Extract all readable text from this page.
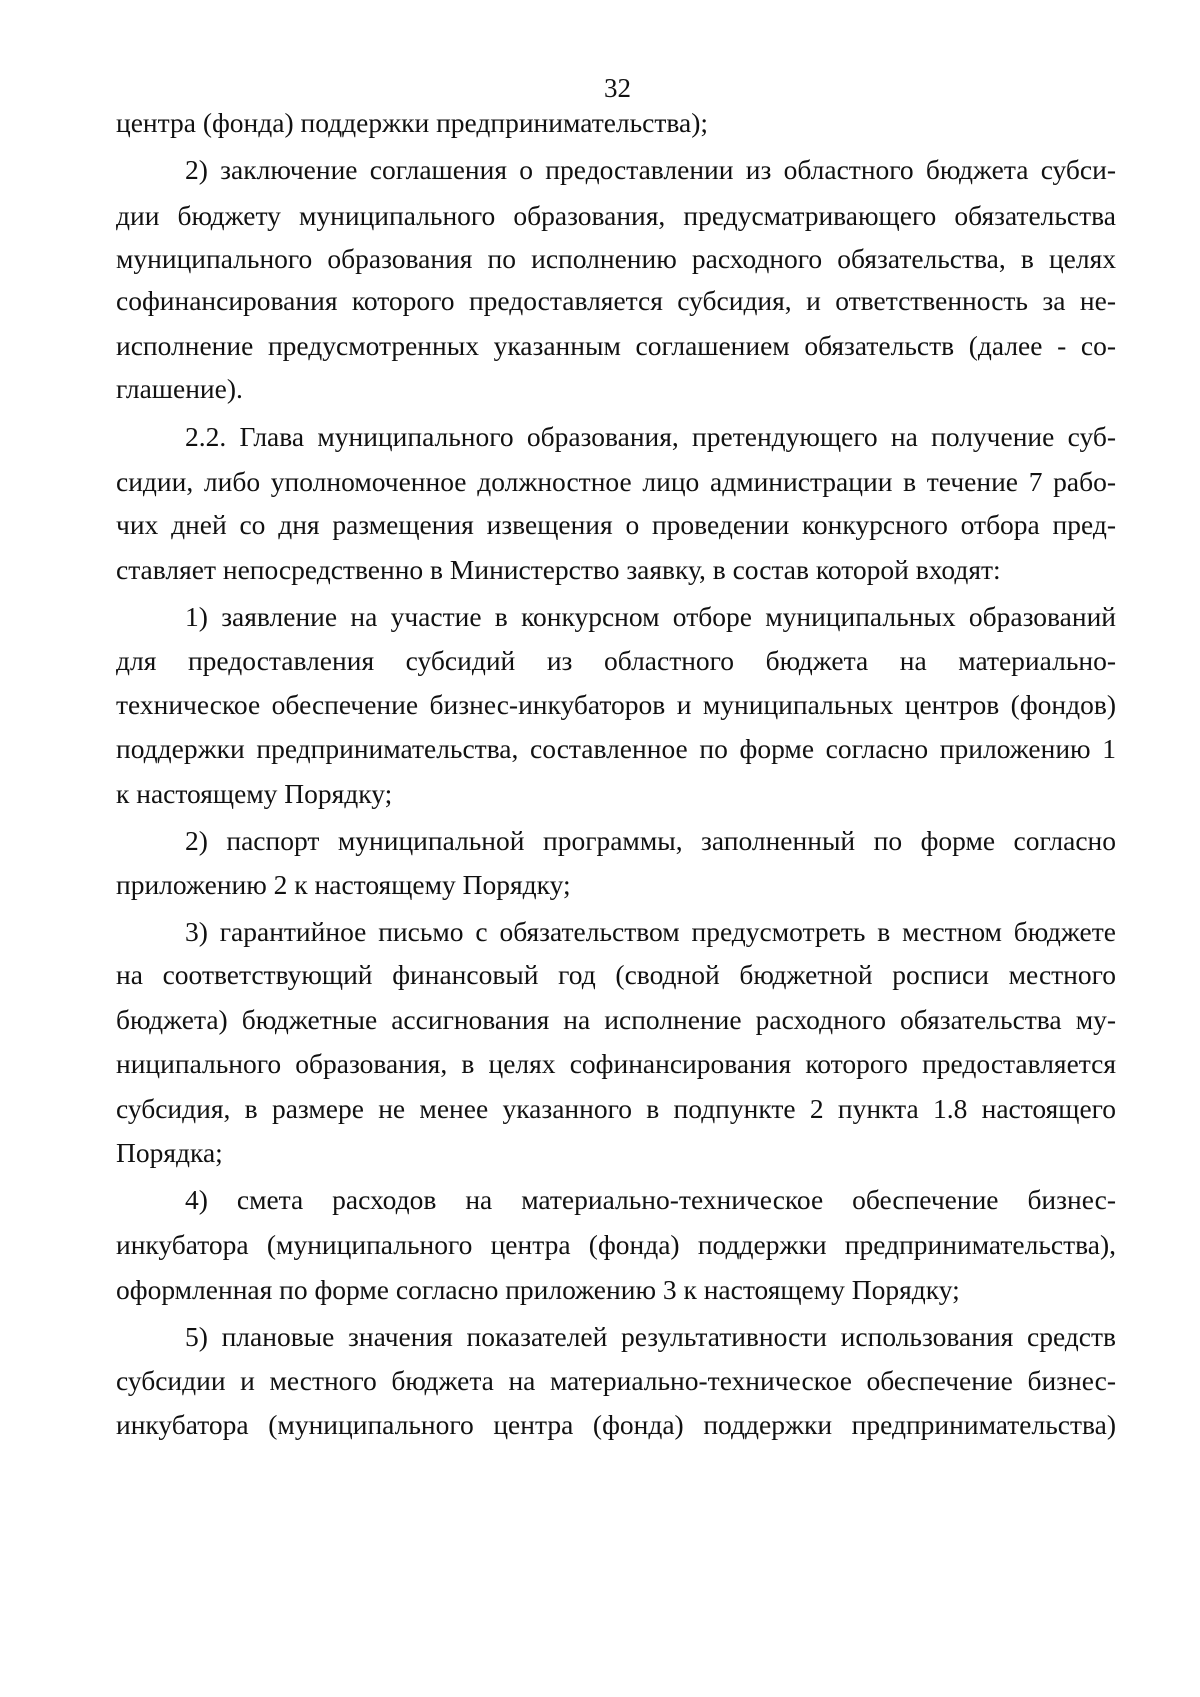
32
центра (фонда) поддержки предпринимательства);
2) заключение соглашения о предоставлении из областного бюджета субси-
дии бюджету муниципального образования, предусматривающего обязательства
муниципального образования по исполнению расходного обязательства, в целях
софинансирования которого предоставляется субсидия, и ответственность за не-
исполнение предусмотренных указанным соглашением обязательств (далее - со-
глашение).
2.2. Глава муниципального образования, претендующего на получение суб-
сидии, либо уполномоченное должностное лицо администрации в течение 7 рабо-
чих дней со дня размещения извещения о проведении конкурсного отбора пред-
ставляет непосредственно в Министерство заявку, в состав которой входят:
1) заявление на участие в конкурсном отборе муниципальных образований
для предоставления субсидий из областного бюджета на материально-
техническое обеспечение бизнес-инкубаторов и муниципальных центров (фондов)
поддержки предпринимательства, составленное по форме согласно приложению 1
к настоящему Порядку;
2) паспорт муниципальной программы, заполненный по форме согласно
приложению 2 к настоящему Порядку;
3) гарантийное письмо с обязательством предусмотреть в местном бюджете
на соответствующий финансовый год (сводной бюджетной росписи местного
бюджета) бюджетные ассигнования на исполнение расходного обязательства му-
ниципального образования, в целях софинансирования которого предоставляется
субсидия, в размере не менее указанного в подпункте 2 пункта 1.8 настоящего
Порядка;
4) смета расходов на материально-техническое обеспечение бизнес-
инкубатора (муниципального центра (фонда) поддержки предпринимательства),
оформленная по форме согласно приложению 3 к настоящему Порядку;
5) плановые значения показателей результативности использования средств
субсидии и местного бюджета на материально-техническое обеспечение бизнес-
инкубатора (муниципального центра (фонда) поддержки предпринимательства)
